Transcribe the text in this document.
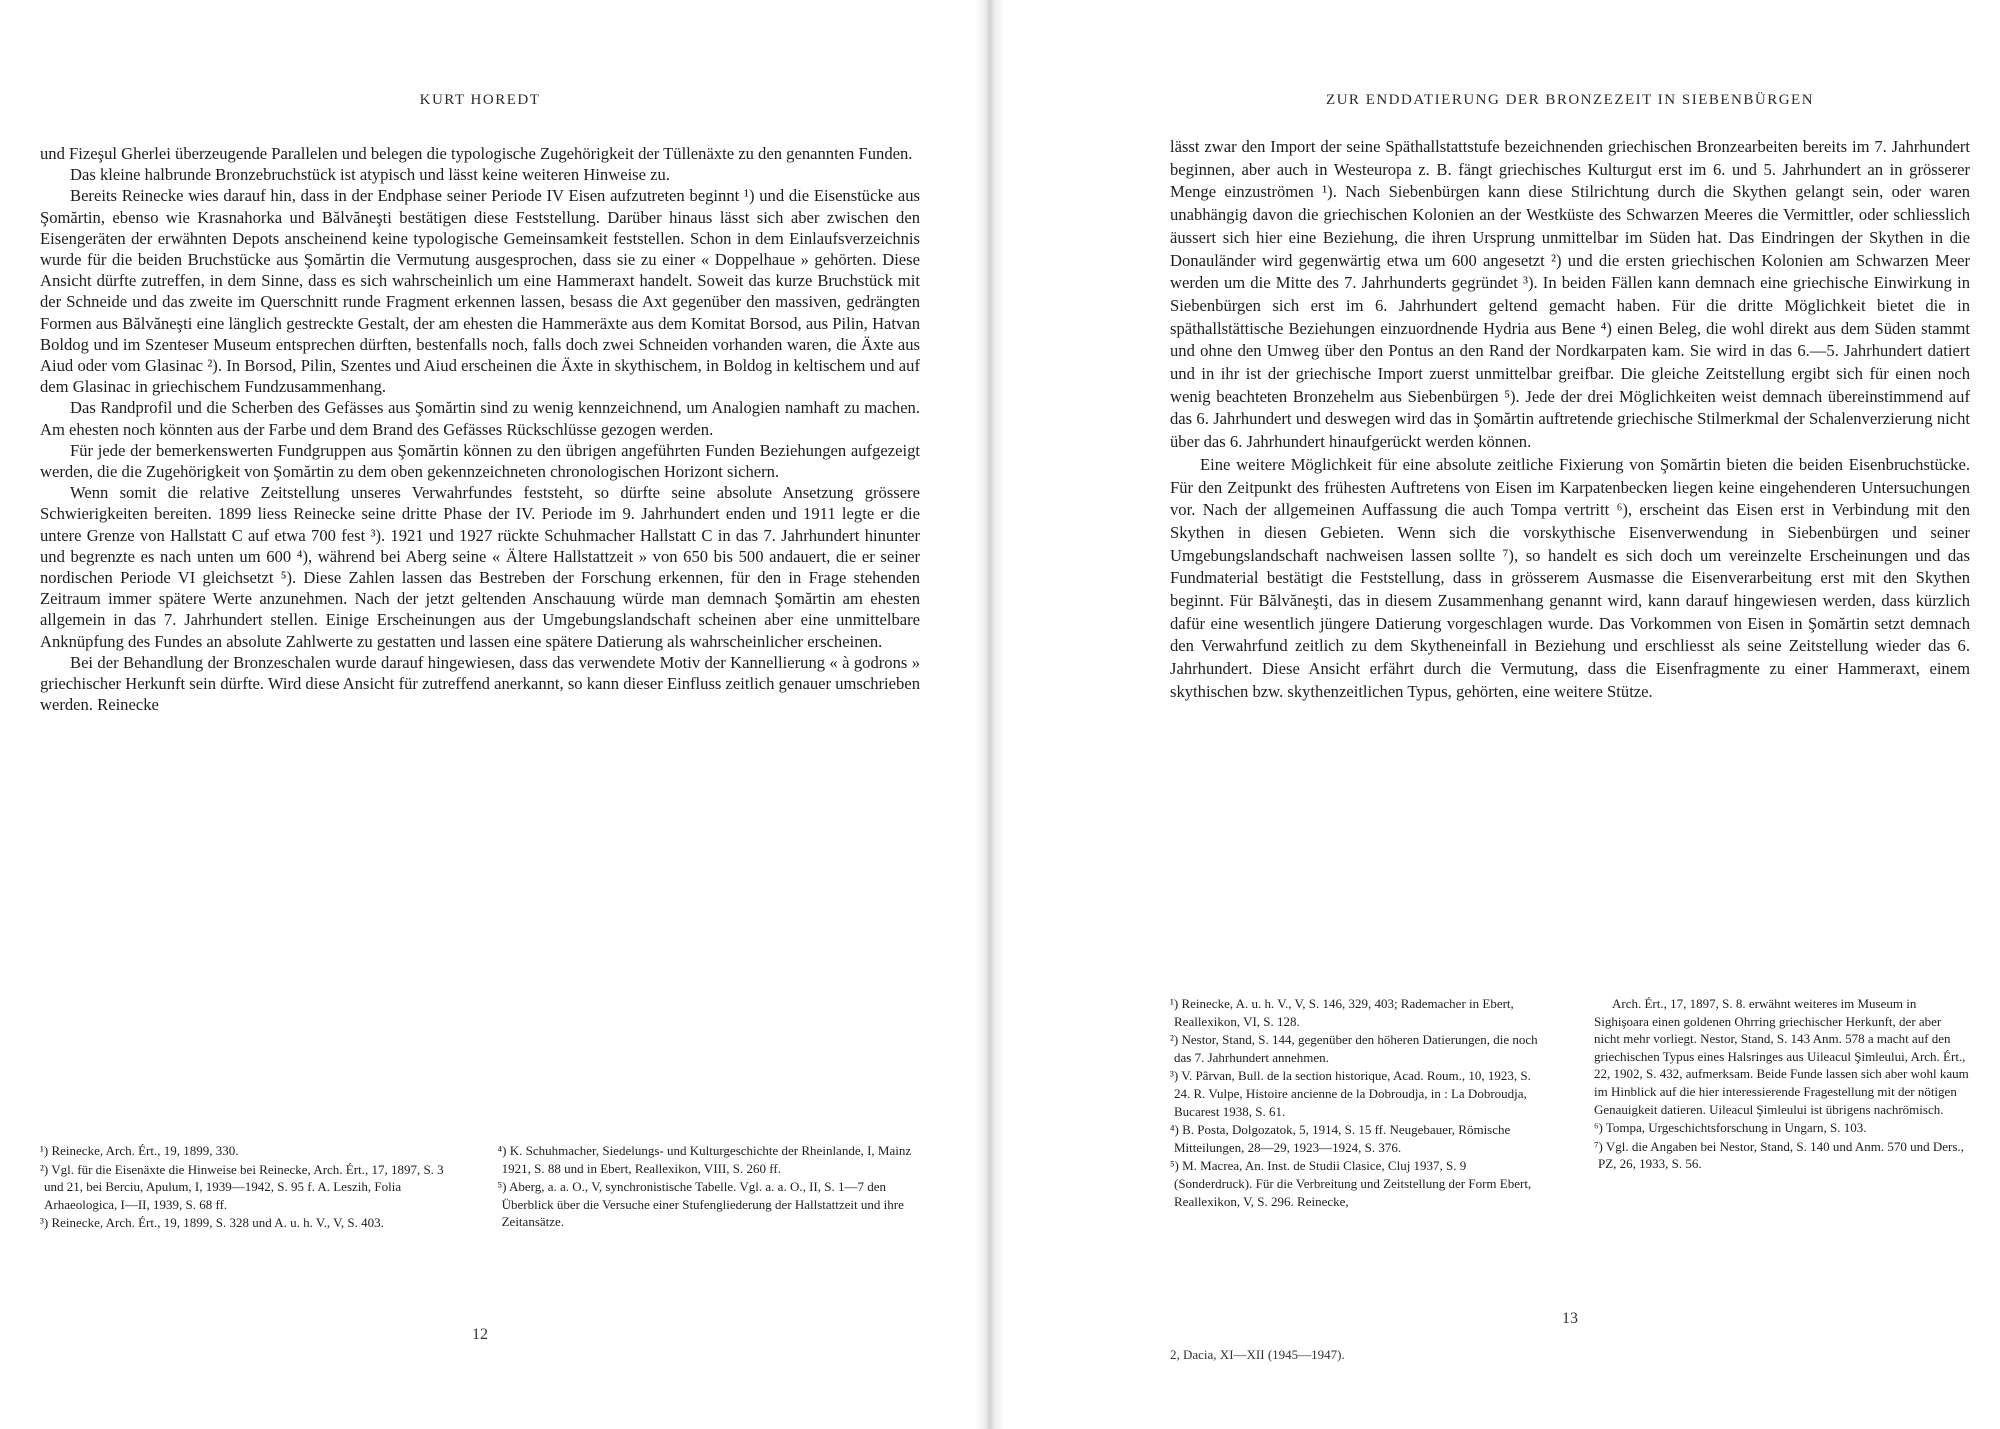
KURT HOREDT

und Fizeşul Gherlei überzeugende Parallelen und belegen die typologische Zugehörigkeit der Tüllenäxte zu den genannten Funden.

Das kleine halbrunde Bronzebruchstück ist atypisch und lässt keine weiteren Hinweise zu.

Bereits Reinecke wies darauf hin, dass in der Endphase seiner Periode IV Eisen aufzutreten beginnt ¹) und die Eisenstücke aus Şomărtin, ebenso wie Krasnahorka und Bălvăneşti bestätigen diese Feststellung. Darüber hinaus lässt sich aber zwischen den Eisengeräten der erwähnten Depots anscheinend keine typologische Gemeinsamkeit feststellen. Schon in dem Einlaufsverzeichnis wurde für die beiden Bruchstücke aus Şomărtin die Vermutung ausgesprochen, dass sie zu einer « Doppelhaue » gehörten. Diese Ansicht dürfte zutreffen, in dem Sinne, dass es sich wahrscheinlich um eine Hammeraxt handelt. Soweit das kurze Bruchstück mit der Schneide und das zweite im Querschnitt runde Fragment erkennen lassen, besass die Axt gegenüber den massiven, gedrängten Formen aus Bălvăneşti eine länglich gestreckte Gestalt, der am ehesten die Hammeräxte aus dem Komitat Borsod, aus Pilin, Hatvan Boldog und im Szenteser Museum entsprechen dürften, bestenfalls noch, falls doch zwei Schneiden vorhanden waren, die Äxte aus Aiud oder vom Glasinac ²). In Borsod, Pilin, Szentes und Aiud erscheinen die Äxte in skythischem, in Boldog in keltischem und auf dem Glasinac in griechischem Fundzusammenhang.

Das Randprofil und die Scherben des Gefässes aus Şomărtin sind zu wenig kennzeichnend, um Analogien namhaft zu machen. Am ehesten noch könnten aus der Farbe und dem Brand des Gefässes Rückschlüsse gezogen werden.

Für jede der bemerkenswerten Fundgruppen aus Şomărtin können zu den übrigen angeführten Funden Beziehungen aufgezeigt werden, die die Zugehörigkeit von Şomărtin zu dem oben gekennzeichneten chronologischen Horizont sichern.

Wenn somit die relative Zeitstellung unseres Verwahrfundes feststeht, so dürfte seine absolute Ansetzung grössere Schwierigkeiten bereiten. 1899 liess Reinecke seine dritte Phase der IV. Periode im 9. Jahrhundert enden und 1911 legte er die untere Grenze von Hallstatt C auf etwa 700 fest ³). 1921 und 1927 rückte Schuhmacher Hallstatt C in das 7. Jahrhundert hinunter und begrenzte es nach unten um 600 ⁴), während bei Aberg seine « Ältere Hallstattzeit » von 650 bis 500 andauert, die er seiner nordischen Periode VI gleichsetzt ⁵). Diese Zahlen lassen das Bestreben der Forschung erkennen, für den in Frage stehenden Zeitraum immer spätere Werte anzunehmen. Nach der jetzt geltenden Anschauung würde man demnach Şomărtin am ehesten allgemein in das 7. Jahrhundert stellen. Einige Erscheinungen aus der Umgebungslandschaft scheinen aber eine unmittelbare Anknüpfung des Fundes an absolute Zahlwerte zu gestatten und lassen eine spätere Datierung als wahrscheinlicher erscheinen.

Bei der Behandlung der Bronzeschalen wurde darauf hingewiesen, dass das verwendete Motiv der Kannellierung « à godrons » griechischer Herkunft sein dürfte. Wird diese Ansicht für zutreffend anerkannt, so kann dieser Einfluss zeitlich genauer umschrieben werden. Reinecke

¹) Reinecke, Arch. Ért., 19, 1899, 330.

²) Vgl. für die Eisenäxte die Hinweise bei Reinecke, Arch. Ért., 17, 1897, S. 3 und 21, bei Berciu, Apulum, I, 1939—1942, S. 95 f. A. Leszih, Folia Arhaeologica, I—II, 1939, S. 68 ff.

³) Reinecke, Arch. Ért., 19, 1899, S. 328 und A. u. h. V., V, S. 403.

⁴) K. Schuhmacher, Siedelungs- und Kulturgeschichte der Rheinlande, I, Mainz 1921, S. 88 und in Ebert, Reallexikon, VIII, S. 260 ff.

⁵) Aberg, a. a. O., V, synchronistische Tabelle. Vgl. a. a. O., II, S. 1—7 den Überblick über die Versuche einer Stufengliederung der Hallstattzeit und ihre Zeitansätze.

12
ZUR ENDDATIERUNG DER BRONZEZEIT IN SIEBENBÜRGEN

lässt zwar den Import der seine Späthallstattstufe bezeichnenden griechischen Bronzearbeiten bereits im 7. Jahrhundert beginnen, aber auch in Westeuropa z. B. fängt griechisches Kulturgut erst im 6. und 5. Jahrhundert an in grösserer Menge einzuströmen ¹). Nach Siebenbürgen kann diese Stilrichtung durch die Skythen gelangt sein, oder waren unabhängig davon die griechischen Kolonien an der Westküste des Schwarzen Meeres die Vermittler, oder schliesslich äussert sich hier eine Beziehung, die ihren Ursprung unmittelbar im Süden hat. Das Eindringen der Skythen in die Donauländer wird gegenwärtig etwa um 600 angesetzt ²) und die ersten griechischen Kolonien am Schwarzen Meer werden um die Mitte des 7. Jahrhunderts gegründet ³). In beiden Fällen kann demnach eine griechische Einwirkung in Siebenbürgen sich erst im 6. Jahrhundert geltend gemacht haben. Für die dritte Möglichkeit bietet die in späthallstättische Beziehungen einzuordnende Hydria aus Bene ⁴) einen Beleg, die wohl direkt aus dem Süden stammt und ohne den Umweg über den Pontus an den Rand der Nordkarpaten kam. Sie wird in das 6.—5. Jahrhundert datiert und in ihr ist der griechische Import zuerst unmittelbar greifbar. Die gleiche Zeitstellung ergibt sich für einen noch wenig beachteten Bronzehelm aus Siebenbürgen ⁵). Jede der drei Möglichkeiten weist demnach übereinstimmend auf das 6. Jahrhundert und deswegen wird das in Şomărtin auftretende griechische Stilmerkmal der Schalenverzierung nicht über das 6. Jahrhundert hinaufgerückt werden können.

Eine weitere Möglichkeit für eine absolute zeitliche Fixierung von Şomărtin bieten die beiden Eisenbruchstücke. Für den Zeitpunkt des frühesten Auftretens von Eisen im Karpatenbecken liegen keine eingehenderen Untersuchungen vor. Nach der allgemeinen Auffassung die auch Tompa vertritt ⁶), erscheint das Eisen erst in Verbindung mit den Skythen in diesen Gebieten. Wenn sich die vorskythische Eisenverwendung in Siebenbürgen und seiner Umgebungslandschaft nachweisen lassen sollte ⁷), so handelt es sich doch um vereinzelte Erscheinungen und das Fundmaterial bestätigt die Feststellung, dass in grösserem Ausmasse die Eisenverarbeitung erst mit den Skythen beginnt. Für Bălvăneşti, das in diesem Zusammenhang genannt wird, kann darauf hingewiesen werden, dass kürzlich dafür eine wesentlich jüngere Datierung vorgeschlagen wurde. Das Vorkommen von Eisen in Şomărtin setzt demnach den Verwahrfund zeitlich zu dem Skytheneinfall in Beziehung und erschliesst als seine Zeitstellung wieder das 6. Jahrhundert. Diese Ansicht erfährt durch die Vermutung, dass die Eisenfragmente zu einer Hammeraxt, einem skythischen bzw. skythenzeitlichen Typus, gehörten, eine weitere Stütze.

¹) Reinecke, A. u. h. V., V, S. 146, 329, 403; Rademacher in Ebert, Reallexikon, VI, S. 128.

²) Nestor, Stand, S. 144, gegenüber den höheren Datierungen, die noch das 7. Jahrhundert annehmen.

³) V. Pârvan, Bull. de la section historique, Acad. Roum., 10, 1923, S. 24. R. Vulpe, Histoire ancienne de la Dobroudja, in : La Dobroudja, Bucarest 1938, S. 61.

⁴) B. Posta, Dolgozatok, 5, 1914, S. 15 ff. Neugebauer, Römische Mitteilungen, 28—29, 1923—1924, S. 376.

⁵) M. Macrea, An. Inst. de Studii Clasice, Cluj 1937, S. 9 (Sonderdruck). Für die Verbreitung und Zeitstellung der Form Ebert, Reallexikon, V, S. 296. Reinecke,

Arch. Ért., 17, 1897, S. 8. erwähnt weiteres im Museum in Sighişoara einen goldenen Ohrring griechischer Herkunft, der aber nicht mehr vorliegt. Nestor, Stand, S. 143 Anm. 578 a macht auf den griechischen Typus eines Halsringes aus Uileacul Şimleului, Arch. Ért., 22, 1902, S. 432, aufmerksam. Beide Funde lassen sich aber wohl kaum im Hinblick auf die hier interessierende Fragestellung mit der nötigen Genauigkeit datieren. Uileacul Şimleului ist übrigens nachrömisch.

⁶) Tompa, Urgeschichtsforschung in Ungarn, S. 103.

⁷) Vgl. die Angaben bei Nestor, Stand, S. 140 und Anm. 570 und Ders., PZ, 26, 1933, S. 56.

13
2, Dacia, XI—XII (1945—1947).
